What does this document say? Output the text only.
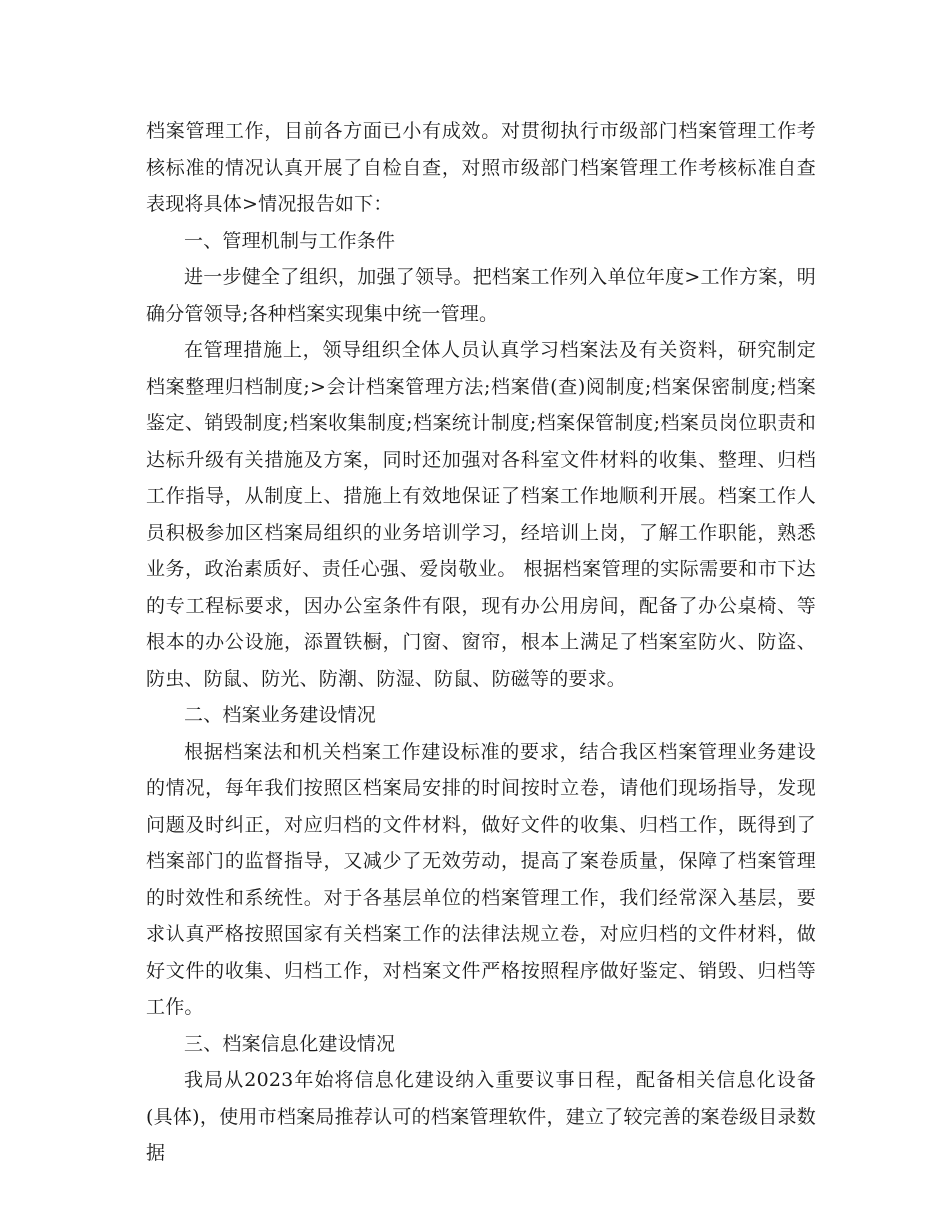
档案管理工作，目前各方面已小有成效。对贯彻执行市级部门档案管理工作考核标准的情况认真开展了自检自查，对照市级部门档案管理工作考核标准自查表现将具体>情况报告如下：

一、管理机制与工作条件

进一步健全了组织，加强了领导。把档案工作列入单位年度>工作方案，明确分管领导;各种档案实现集中统一管理。

在管理措施上，领导组织全体人员认真学习档案法及有关资料，研究制定档案整理归档制度;>会计档案管理方法;档案借(查)阅制度;档案保密制度;档案鉴定、销毁制度;档案收集制度;档案统计制度;档案保管制度;档案员岗位职责和达标升级有关措施及方案，同时还加强对各科室文件材料的收集、整理、归档工作指导，从制度上、措施上有效地保证了档案工作地顺利开展。档案工作人员积极参加区档案局组织的业务培训学习，经培训上岗，了解工作职能，熟悉业务，政治素质好、责任心强、爱岗敬业。 根据档案管理的实际需要和市下达的专工程标要求，因办公室条件有限，现有办公用房间，配备了办公桌椅、等根本的办公设施，添置铁橱，门窗、窗帘，根本上满足了档案室防火、防盗、防虫、防鼠、防光、防潮、防湿、防鼠、防磁等的要求。

二、档案业务建设情况

根据档案法和机关档案工作建设标准的要求，结合我区档案管理业务建设的情况，每年我们按照区档案局安排的时间按时立卷，请他们现场指导，发现问题及时纠正，对应归档的文件材料，做好文件的收集、归档工作，既得到了档案部门的监督指导，又减少了无效劳动，提高了案卷质量，保障了档案管理的时效性和系统性。对于各基层单位的档案管理工作，我们经常深入基层，要求认真严格按照国家有关档案工作的法律法规立卷，对应归档的文件材料，做好文件的收集、归档工作，对档案文件严格按照程序做好鉴定、销毁、归档等工作。

三、档案信息化建设情况

我局从2023年始将信息化建设纳入重要议事日程，配备相关信息化设备(具体)，使用市档案局推荐认可的档案管理软件，建立了较完善的案卷级目录数据
